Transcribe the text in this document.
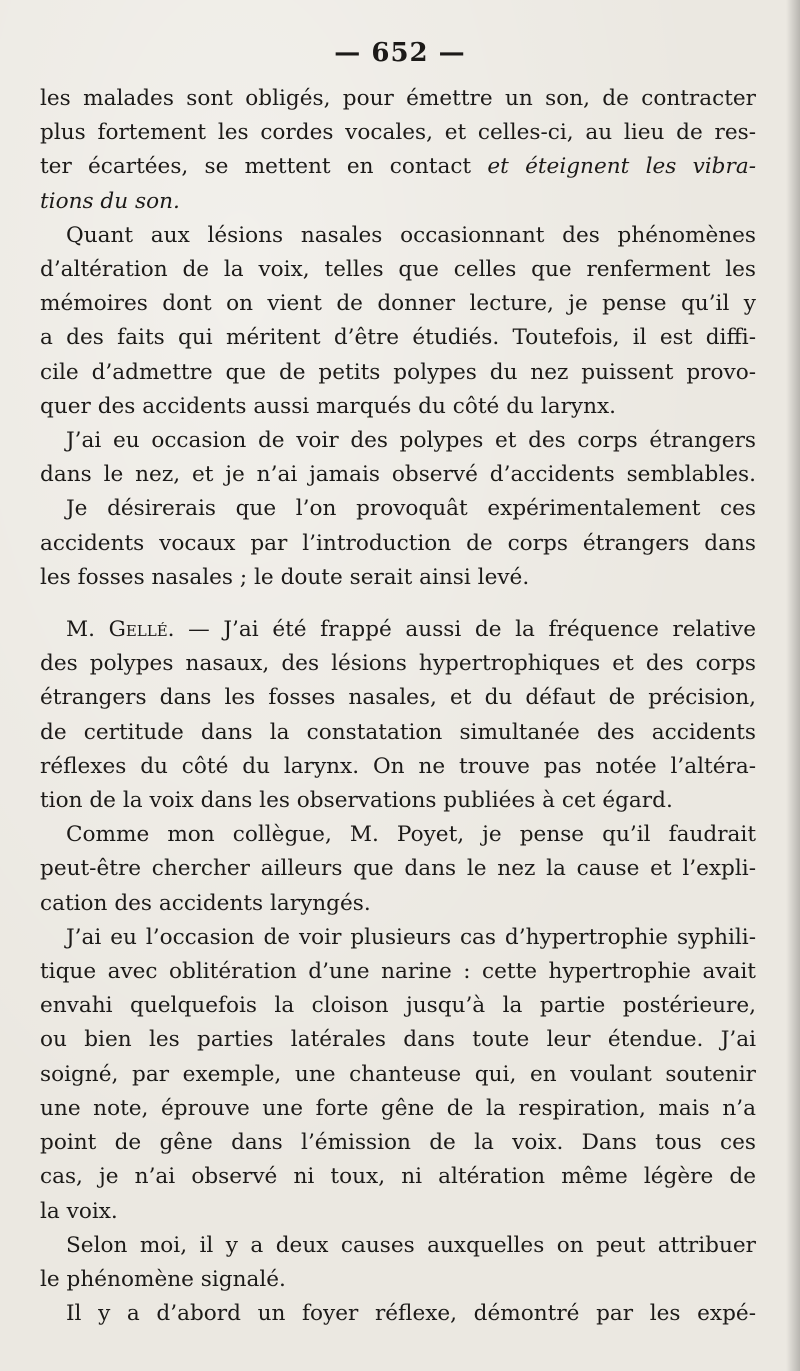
— 652 —

les malades sont obligés, pour émettre un son, de contracter
plus fortement les cordes vocales, et celles-ci, au lieu de res-
ter écartées, se mettent en contact et éteignent les vibra-
tions du son.

Quant aux lésions nasales occasionnant des phénomènes
d’altération de la voix, telles que celles que renferment les
mémoires dont on vient de donner lecture, je pense qu’il y
a des faits qui méritent d’être étudiés. Toutefois, il est diffi-
cile d’admettre que de petits polypes du nez puissent provo-
quer des accidents aussi marqués du côté du larynx.

J’ai eu occasion de voir des polypes et des corps étrangers
dans le nez, et je n’ai jamais observé d’accidents semblables.

Je désirerais que l’on provoquât expérimentalement ces
accidents vocaux par l’introduction de corps étrangers dans
les fosses nasales ; le doute serait ainsi levé.

M. Gellé. — J’ai été frappé aussi de la fréquence relative
des polypes nasaux, des lésions hypertrophiques et des corps
étrangers dans les fosses nasales, et du défaut de précision,
de certitude dans la constatation simultanée des accidents
réflexes du côté du larynx. On ne trouve pas notée l’altéra-
tion de la voix dans les observations publiées à cet égard.

Comme mon collègue, M. Poyet, je pense qu’il faudrait
peut-être chercher ailleurs que dans le nez la cause et l’expli-
cation des accidents laryngés.

J’ai eu l’occasion de voir plusieurs cas d’hypertrophie syphili-
tique avec oblitération d’une narine : cette hypertrophie avait
envahi quelquefois la cloison jusqu’à la partie postérieure,
ou bien les parties latérales dans toute leur étendue. J’ai
soigné, par exemple, une chanteuse qui, en voulant soutenir
une note, éprouve une forte gêne de la respiration, mais n’a
point de gêne dans l’émission de la voix. Dans tous ces
cas, je n’ai observé ni toux, ni altération même légère de
la voix.

Selon moi, il y a deux causes auxquelles on peut attribuer
le phénomène signalé.

Il y a d’abord un foyer réflexe, démontré par les expé-
